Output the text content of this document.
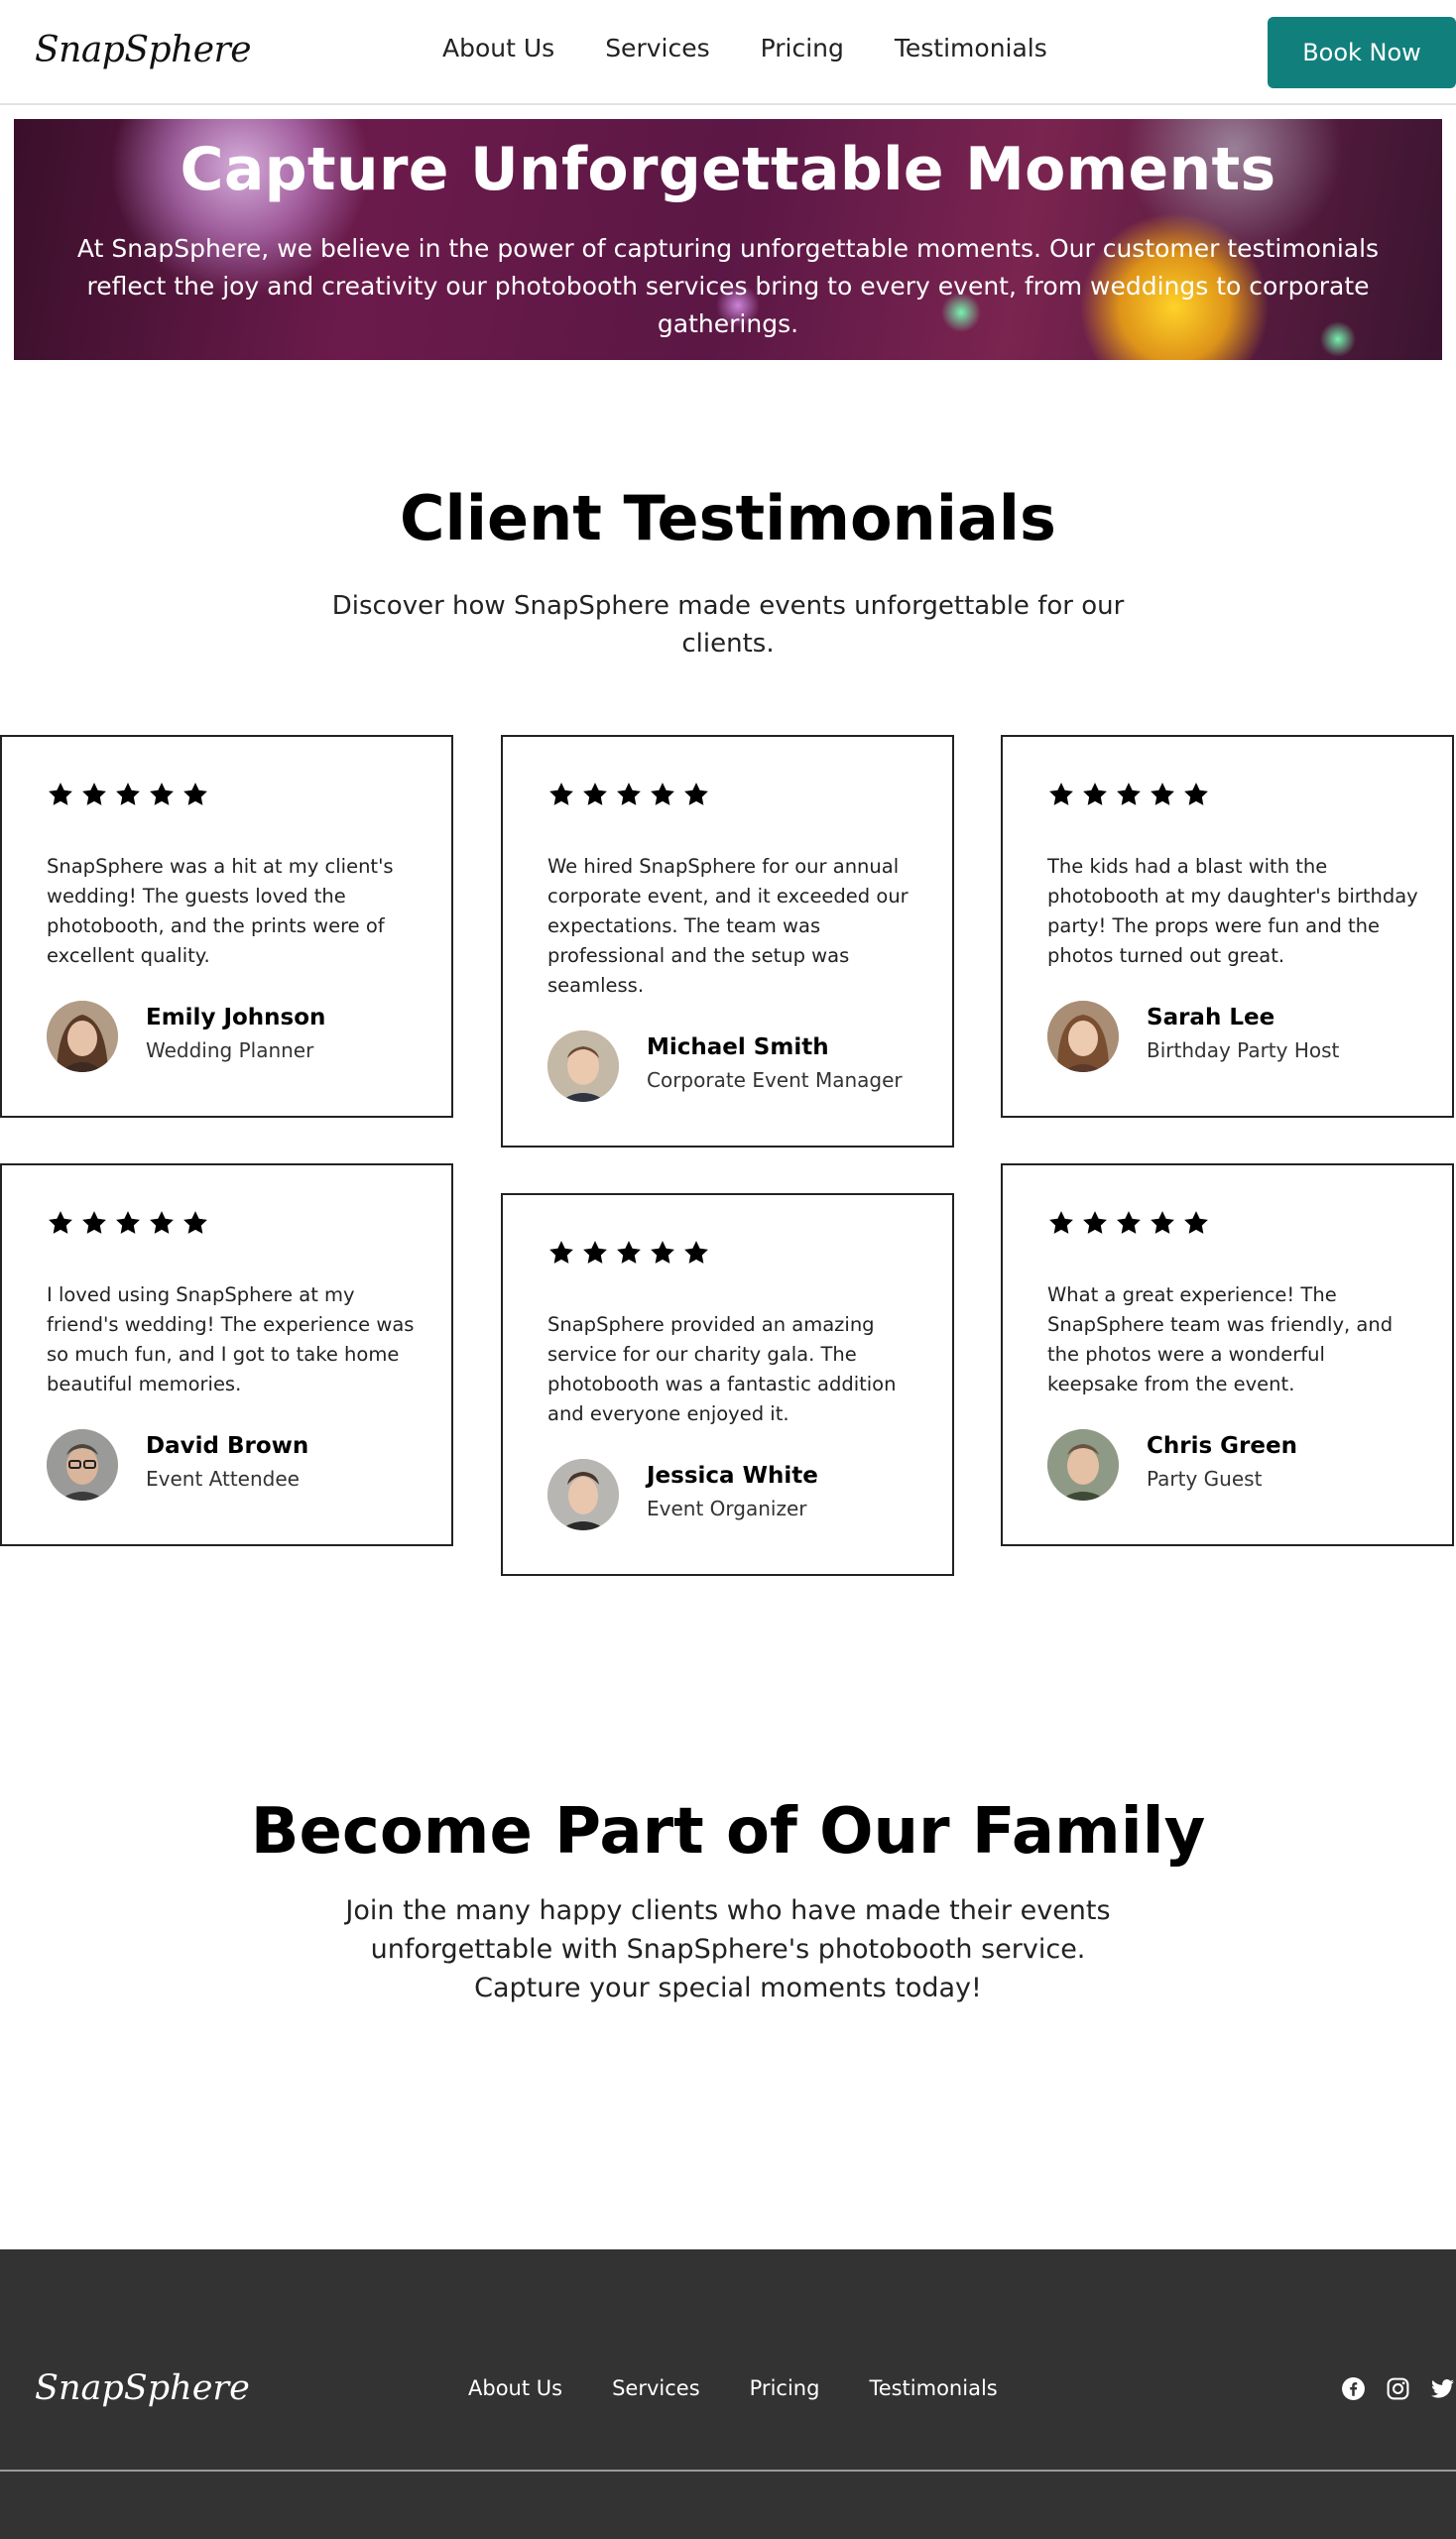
SnapSphere	About Us Services Pricing Testimonials	Book Now
Capture Unforgettable Moments

At SnapSphere, we believe in the power of capturing unforgettable moments. Our customer testimonials reflect the joy and creativity our photobooth services bring to every event, from weddings to corporate gatherings.

Client Testimonials

Discover how SnapSphere made events unforgettable for our clients.

SnapSphere was a hit at my client's wedding! The guests loved the photobooth, and the prints were of excellent quality.

Emily Johnson
Wedding Planner

We hired SnapSphere for our annual corporate event, and it exceeded our expectations. The team was professional and the setup was seamless.

Michael Smith
Corporate Event Manager

The kids had a blast with the photobooth at my daughter's birthday party! The props were fun and the photos turned out great.

Sarah Lee
Birthday Party Host

I loved using SnapSphere at my friend's wedding! The experience was so much fun, and I got to take home beautiful memories.

David Brown
Event Attendee

SnapSphere provided an amazing service for our charity gala. The photobooth was a fantastic addition and everyone enjoyed it.

Jessica White
Event Organizer

What a great experience! The SnapSphere team was friendly, and the photos were a wonderful keepsake from the event.

Chris Green
Party Guest
Become Part of Our Family

Join the many happy clients who have made their events unforgettable with SnapSphere's photobooth service. Capture your special moments today!

SnapSphere	About Us Services Pricing Testimonials
